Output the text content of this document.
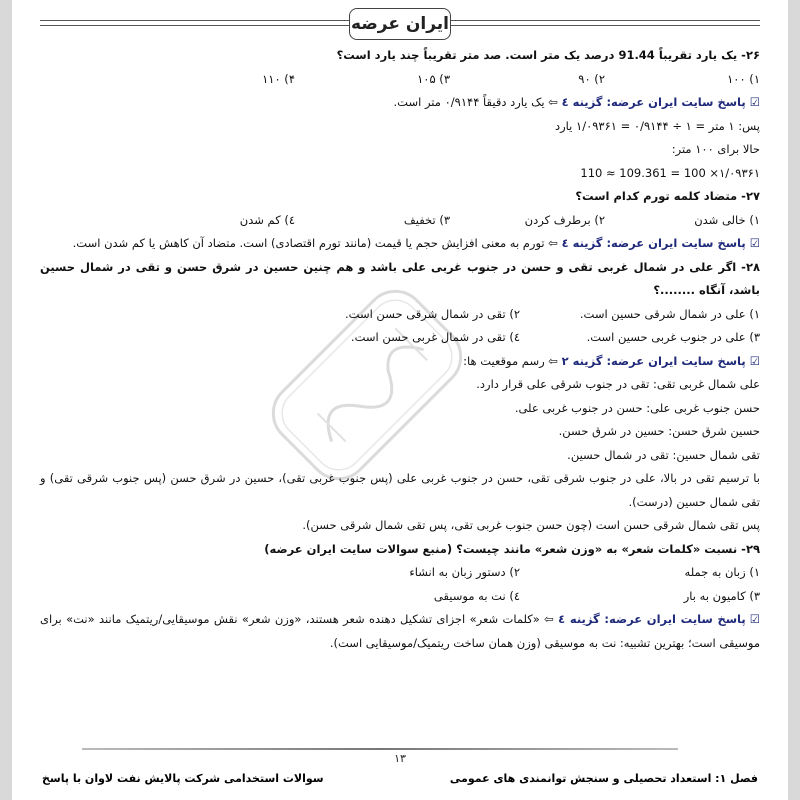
ایران عرضه
۲۶- یک یارد تقریباً 91.44 درصد یک متر است. صد متر تقریباً چند یارد است؟
۱) ۱۰۰
۲) ۹۰
۳) ۱۰۵
۴) ۱۱۰
☑پاسخ سایت ایران عرضه: گزینه ٤ ⇦ یک یارد دقیقاً ۰/۹۱۴۴ متر است.
پس: ۱ متر = ۱ ÷ ۰/۹۱۴۴ = ۱/۰۹۳۶۱ یارد
حالا برای ۱۰۰ متر:
۱/۰۹۳۶۱× 100 = 109.361 ≈ 110
۲۷- متضاد کلمه تورم کدام است؟
۱) خالی شدن
۲) برطرف کردن
۳) تخفیف
٤) کم شدن
☑پاسخ سایت ایران عرضه: گزینه ٤ ⇦ تورم به معنی افزایش حجم یا قیمت (مانند تورم اقتصادی) است. متضاد آن کاهش یا کم شدن است.
۲۸- اگر علی در شمال غربی تقی و حسن در جنوب غربی علی باشد و هم چنین حسین در شرق حسن و تقی در شمال حسین باشد، آنگاه ........؟
۱) علی در شمال شرقی حسین است.
۲) تقی در شمال شرقی حسن است.
۳) علی در جنوب غربی حسین است.
٤) تقی در شمال غربی حسن است.
☑پاسخ سایت ایران عرضه: گزینه ۲ ⇦ رسم موقعیت ها:
علی شمال غربی تقی: تقی در جنوب شرقی علی قرار دارد.
حسن جنوب غربی علی: حسن در جنوب غربی علی.
حسین شرق حسن: حسین در شرق حسن.
تقی شمال حسین: تقی در شمال حسین.
با ترسیم تقی در بالا، علی در جنوب شرقی تقی، حسن در جنوب غربی علی (پس جنوب غربی تقی)، حسین در شرق حسن (پس جنوب شرقی تقی) و تقی شمال حسین (درست).
پس تقی شمال شرقی حسن است (چون حسن جنوب غربی تقی، پس تقی شمال شرقی حسن).
۲۹- نسبت «کلمات شعر» به «وزن شعر» مانند چیست؟ (منبع سوالات سایت ایران عرضه)
۱) زبان به جمله
۲) دستور زبان به انشاء
۳) کامیون به بار
٤) نت به موسیقی
☑پاسخ سایت ایران عرضه: گزینه ٤ ⇦ «کلمات شعر» اجزای تشکیل دهنده شعر هستند، «وزن شعر» نقش موسیقایی/ریتمیک مانند «نت» برای موسیقی است؛ بهترین تشبیه: نت به موسیقی (وزن همان ساخت ریتمیک/موسیقایی است).
۱۳
فصل ۱: استعداد تحصیلی و سنجش توانمندی های عمومی
سوالات استخدامی شرکت پالایش نفت لاوان با پاسخ
